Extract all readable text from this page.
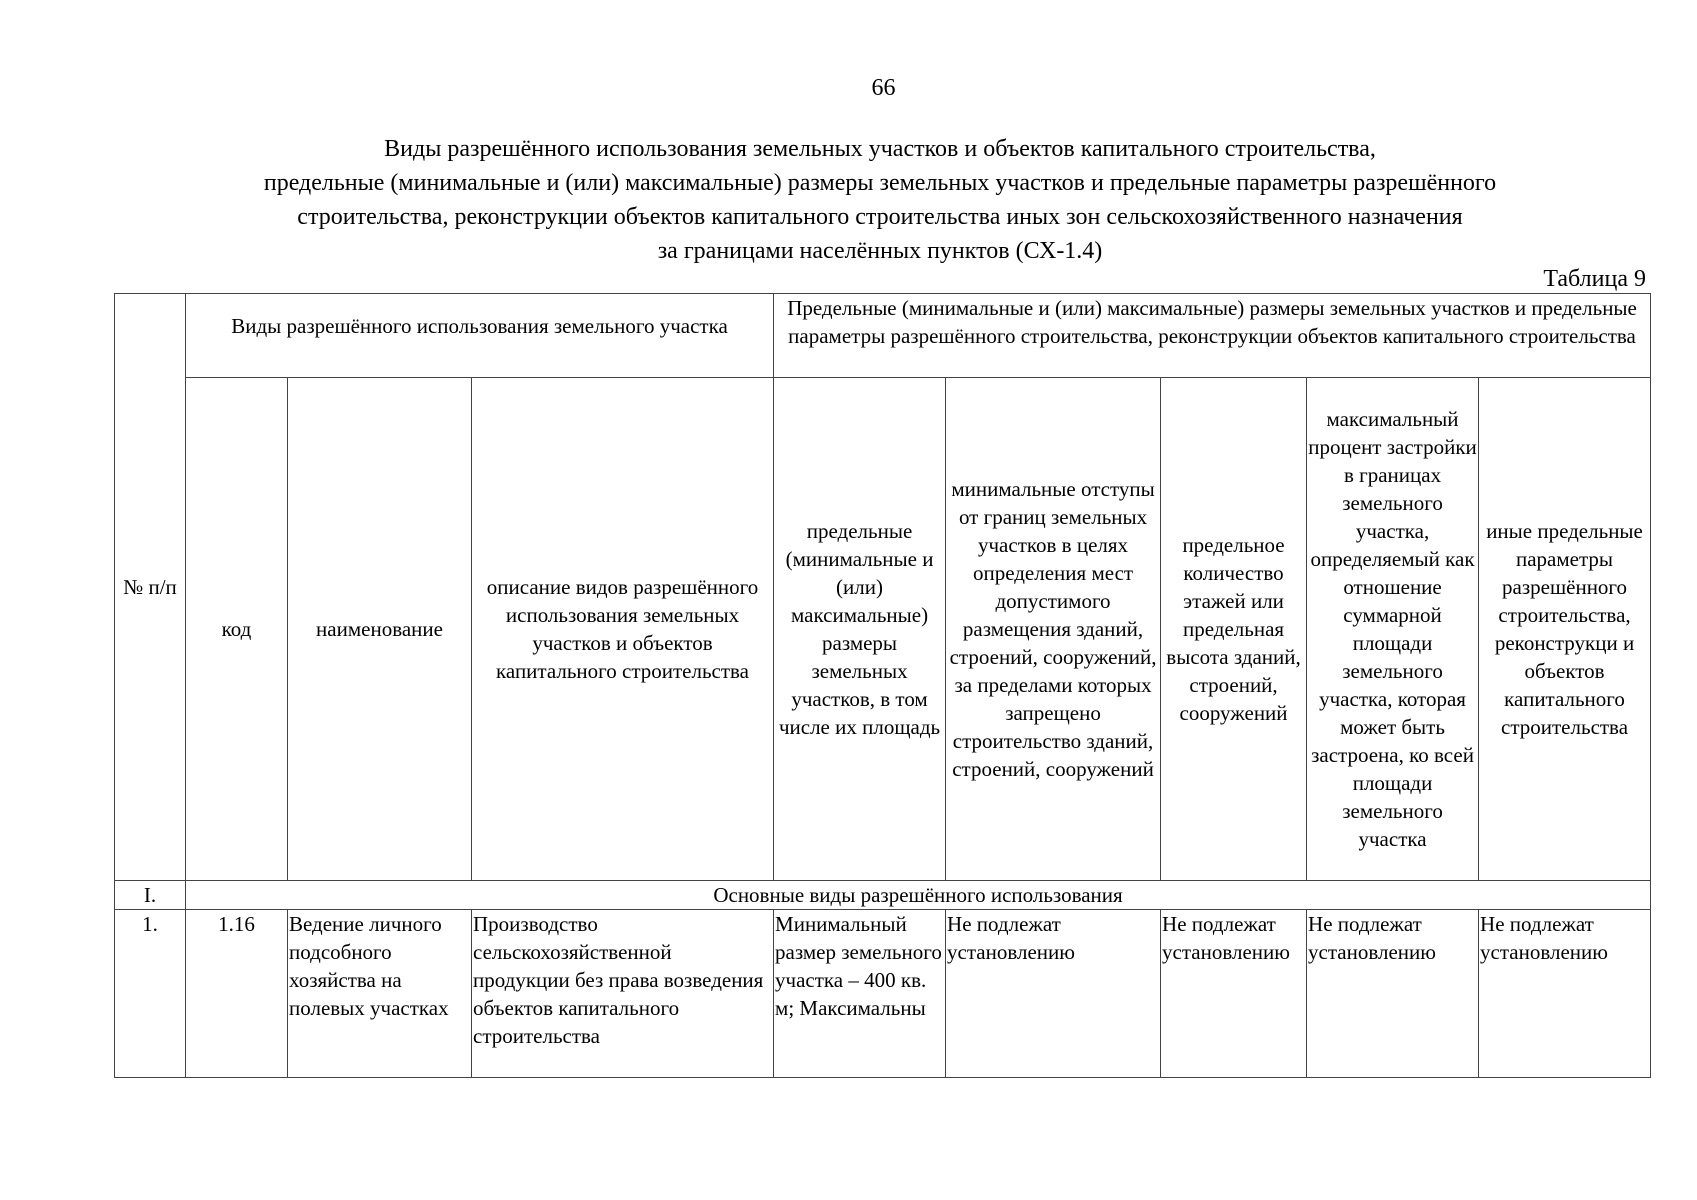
66
Виды разрешённого использования земельных участков и объектов капитального строительства,
предельные (минимальные и (или) максимальные) размеры земельных участков и предельные параметры разрешённого
строительства, реконструкции объектов капитального строительства иных зон сельскохозяйственного назначения
за границами населённых пунктов (СХ-1.4)
Таблица 9
№ п/п	Виды разрешённого использования земельного участка			Предельные (минимальные и (или) максимальные) размеры земельных участков и предельные параметры разрешённого строительства, реконструкции объектов капитального строительства				
	код	наименование	описание видов разрешённого использования земельных участков и объектов капитального строительства	предельные (минимальные и (или) максимальные) размеры земельных участков, в том числе их площадь	минимальные отступы от границ земельных участков в целях определения мест допустимого размещения зданий, строений, сооружений, за пределами которых запрещено строительство зданий, строений, сооружений	предельное количество этажей или предельная высота зданий, строений, сооружений	максимальный процент застройки в границах земельного участка, определяемый как отношение суммарной площади земельного участка, которая может быть застроена, ко всей площади земельного участка	иные предельные параметры разрешённого строительства, реконструкци и объектов капитального строительства
I.	Основные виды разрешённого использования							
1.	1.16	Ведение личного подсобного хозяйства на полевых участках	Производство сельскохозяйственной продукции без права возведения объектов капитального строительства	Минимальный размер земельного участка – 400 кв. м; Максимальны	Не подлежат установлению	Не подлежат установлению	Не подлежат установлению	Не подлежат установлению
